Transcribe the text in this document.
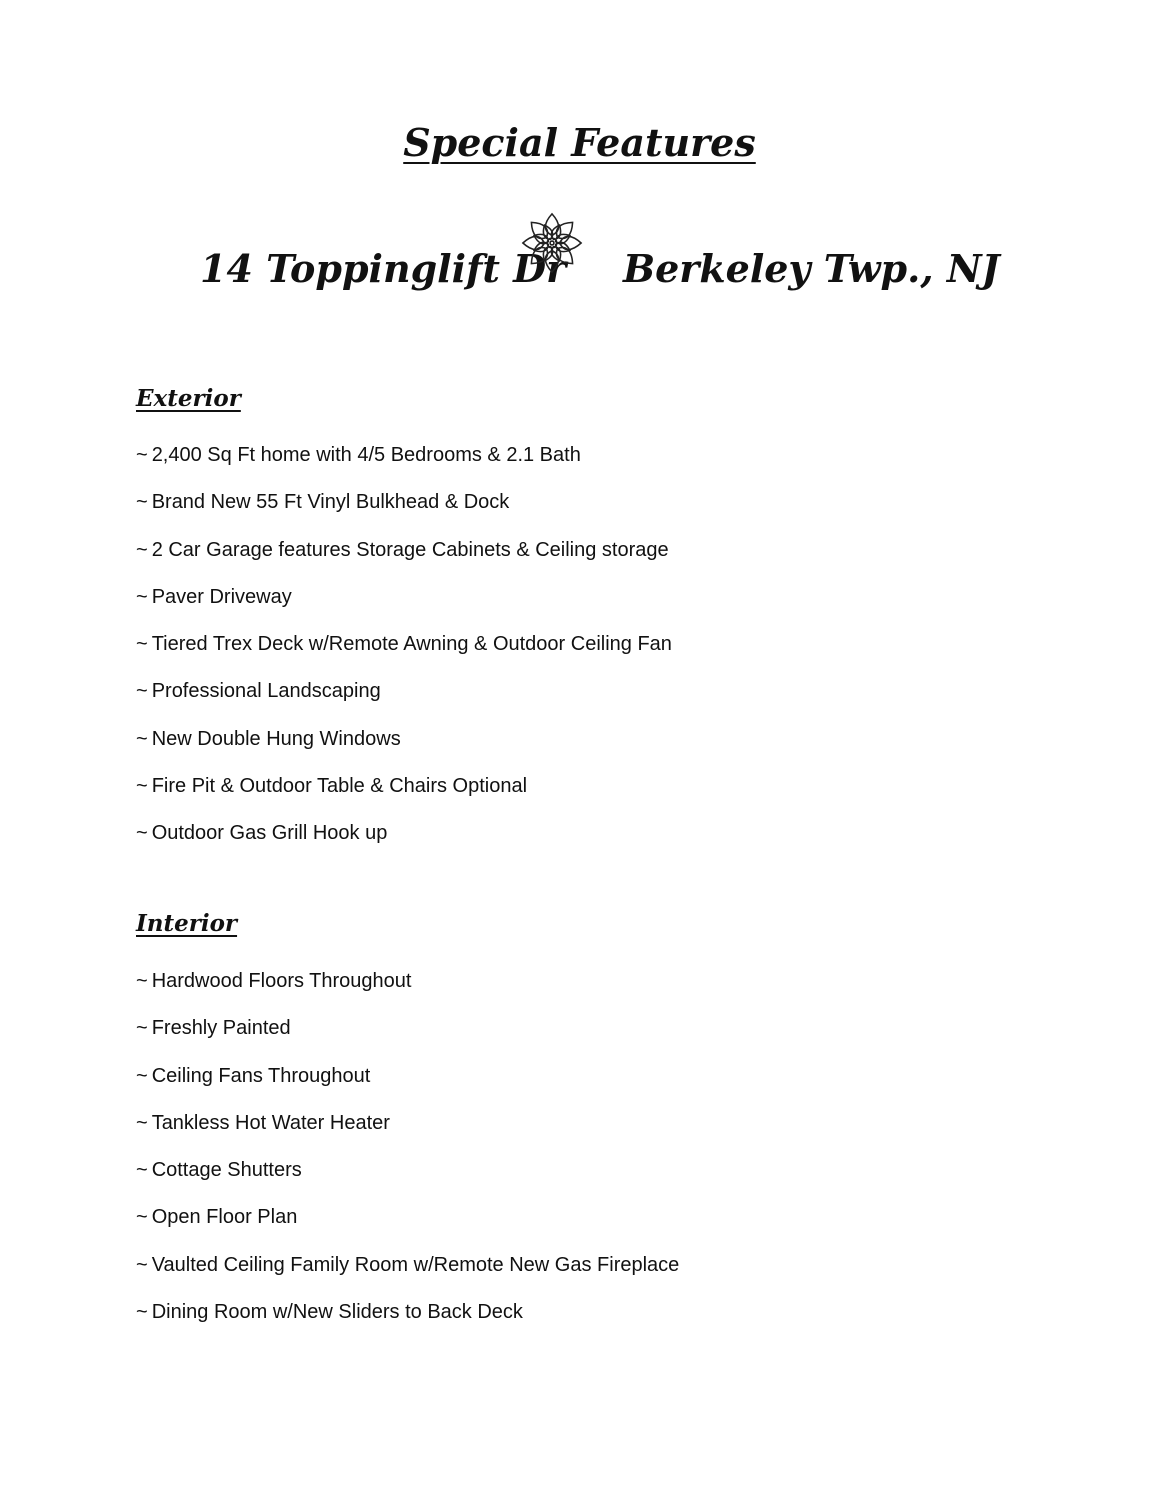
Special Features
14 Toppinglift Dr Berkeley Twp., NJ
Exterior
~ 2,400 Sq Ft home with 4/5 Bedrooms & 2.1 Bath
~ Brand New 55 Ft Vinyl Bulkhead & Dock
~ 2 Car Garage features Storage Cabinets & Ceiling storage
~ Paver Driveway
~ Tiered Trex Deck w/Remote Awning & Outdoor Ceiling Fan
~ Professional Landscaping
~ New Double Hung Windows
~ Fire Pit & Outdoor Table & Chairs Optional
~ Outdoor Gas Grill Hook up
Interior
~ Hardwood Floors Throughout
~ Freshly Painted
~ Ceiling Fans Throughout
~ Tankless Hot Water Heater
~ Cottage Shutters
~ Open Floor Plan
~ Vaulted Ceiling Family Room w/Remote New Gas Fireplace
~ Dining Room w/New Sliders to Back Deck
